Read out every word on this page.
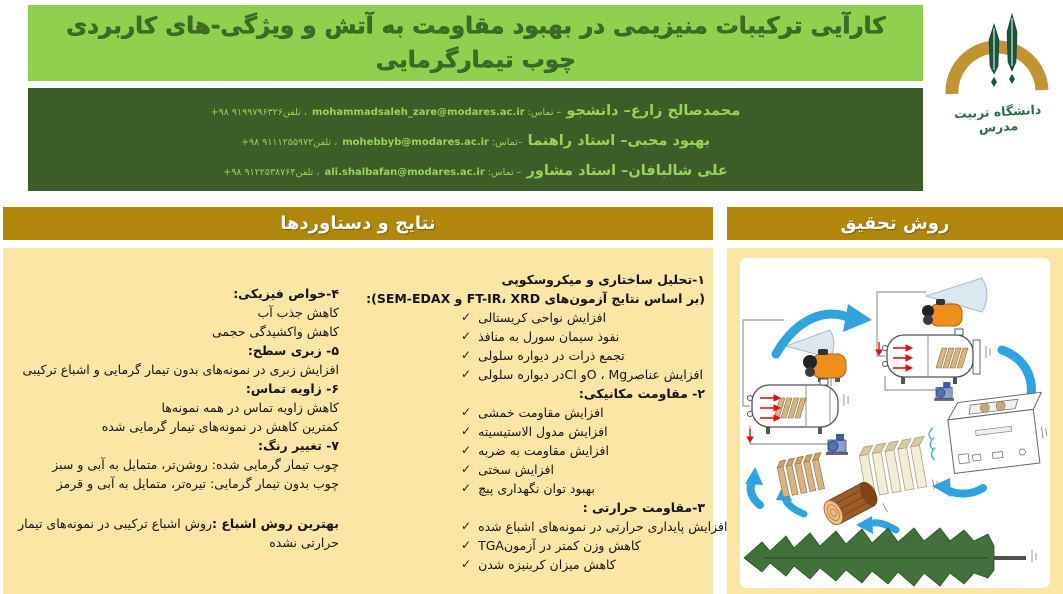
کارآیی ترکیبات منیزیمی در بهبود مقاومت به آتش و ویژگی-های کاربردی
چوب تیمارگرمایی
محمدصالح زارع– دانشجو – تماس: mohammadsaleh_zare@modares.ac.ir ، تلفن۹۱۹۹۷۹۶۳۲۶ ۹۸+
بهبود محبی– استاد راهنما –تماس: mohebbyb@modares.ac.ir ، تلفن۹۱۱۱۲۵۵۹۷۲ ۹۸+
علی شالبافان– استاد مشاور – تماس: ali.shalbafan@modares.ac.ir ، تلفن۹۱۲۲۵۳۸۷۶۴ ۹۸+
دانشگاه تربیت مدرس
نتایج و دستاوردها	روش تحقیق
۱-تحلیل ساختاری و میکروسکوپی
(بر اساس نتایج آزمون‌های FT-IR، XRD و SEM-EDAX):
✓ افزایش نواحی کریستالی
✓ نفوذ سیمان سورل به منافذ
✓ تجمع ذرات در دیواره سلولی
✓ افزایش عناصرO ، Mgو Clدر دیواره سلولی
۲- مقاومت مکانیکی:
✓ افزایش مقاومت خمشی
✓ افزایش مدول الاستیسیته
✓ افزایش مقاومت به ضربه
✓ افزایش سختی
✓ بهبود توان نگهداری پیچ
۳-مقاومت حرارتی :
✓ افزایش پایداری حرارتی در نمونه‌های اشباع شده
✓ کاهش وزن کمتر در آزمونTGA
✓ کاهش میزان کربنیزه شدن
۴-خواص فیزیکی:
کاهش جذب آب
کاهش واکشیدگی حجمی
۵- زبری سطح:
افزایش زبری در نمونه‌های بدون تیمار گرمایی و اشباع ترکیبی
۶- زاویه تماس:
کاهش زاویه تماس در همه نمونه‌ها
کمترین کاهش در نمونه‌های تیمار گرمایی شده
۷- تغییر رنگ:
چوب تیمار گرمایی شده: روشن‌تر، متمایل به آبی و سبز
چوب بدون تیمار گرمایی: تیره‌تر، متمایل به آبی و قرمز
بهترین روش اشباع :روش اشباع ترکیبی در نمونه‌های تیمار حرارتی نشده
